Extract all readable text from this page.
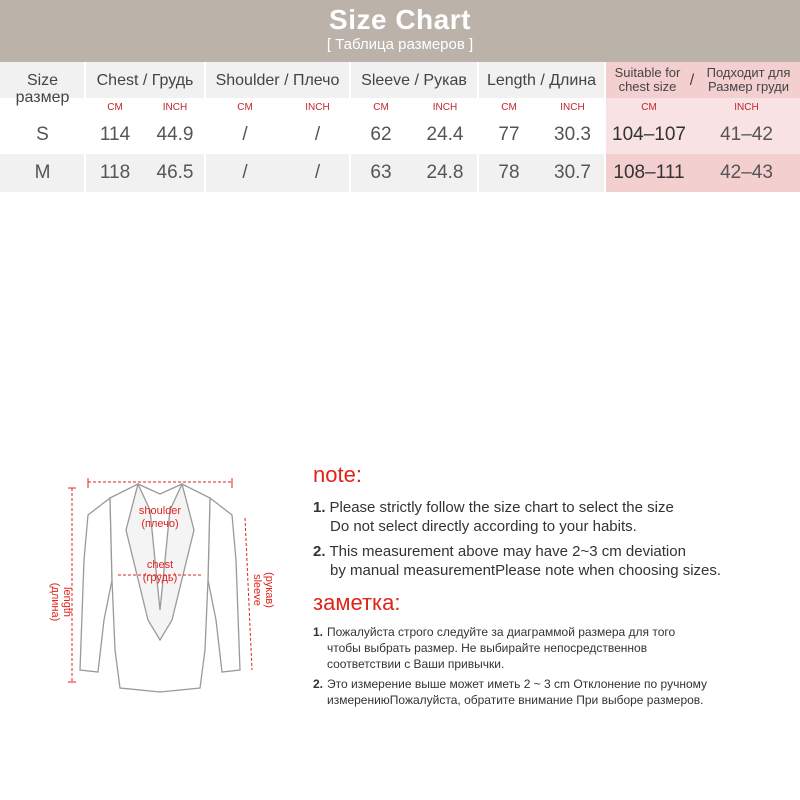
Size Chart
[ Таблица размеров ]
Size
размер
Chest / Грудь	Shoulder / Плечо	Sleeve / Рукав	Length / Длина	Suitable for
chest size / Подходит для
Размер груди
CM	INCH	CM	INCH	CM	INCH	CM	INCH	CM	INCH
S	114	44.9	/	/	62	24.4	77	30.3	104–107	41–42
M	118	46.5	/	/	63	24.8	78	30.7	108–111	42–43
shoulder
(плечо)
chest
(грудь)
length
(длина)	sleeve (рукав)
note:
1. Please strictly follow the size chart to select the size
Do not select directly according to your habits.
2. This measurement above may have 2~3 cm deviation
by manual measurementPlease note when choosing sizes.
заметка:
1. Пожалуйста строго следуйте за диаграммой размера для того
чтобы выбрать размер. Не выбирайте непосредственнов
соответствии с Ваши привычки.
2. Это измерение выше может иметь 2 ~ 3 cm Отклонение по ручному
измерениюПожалуйста, обратите внимание При выборе размеров.
